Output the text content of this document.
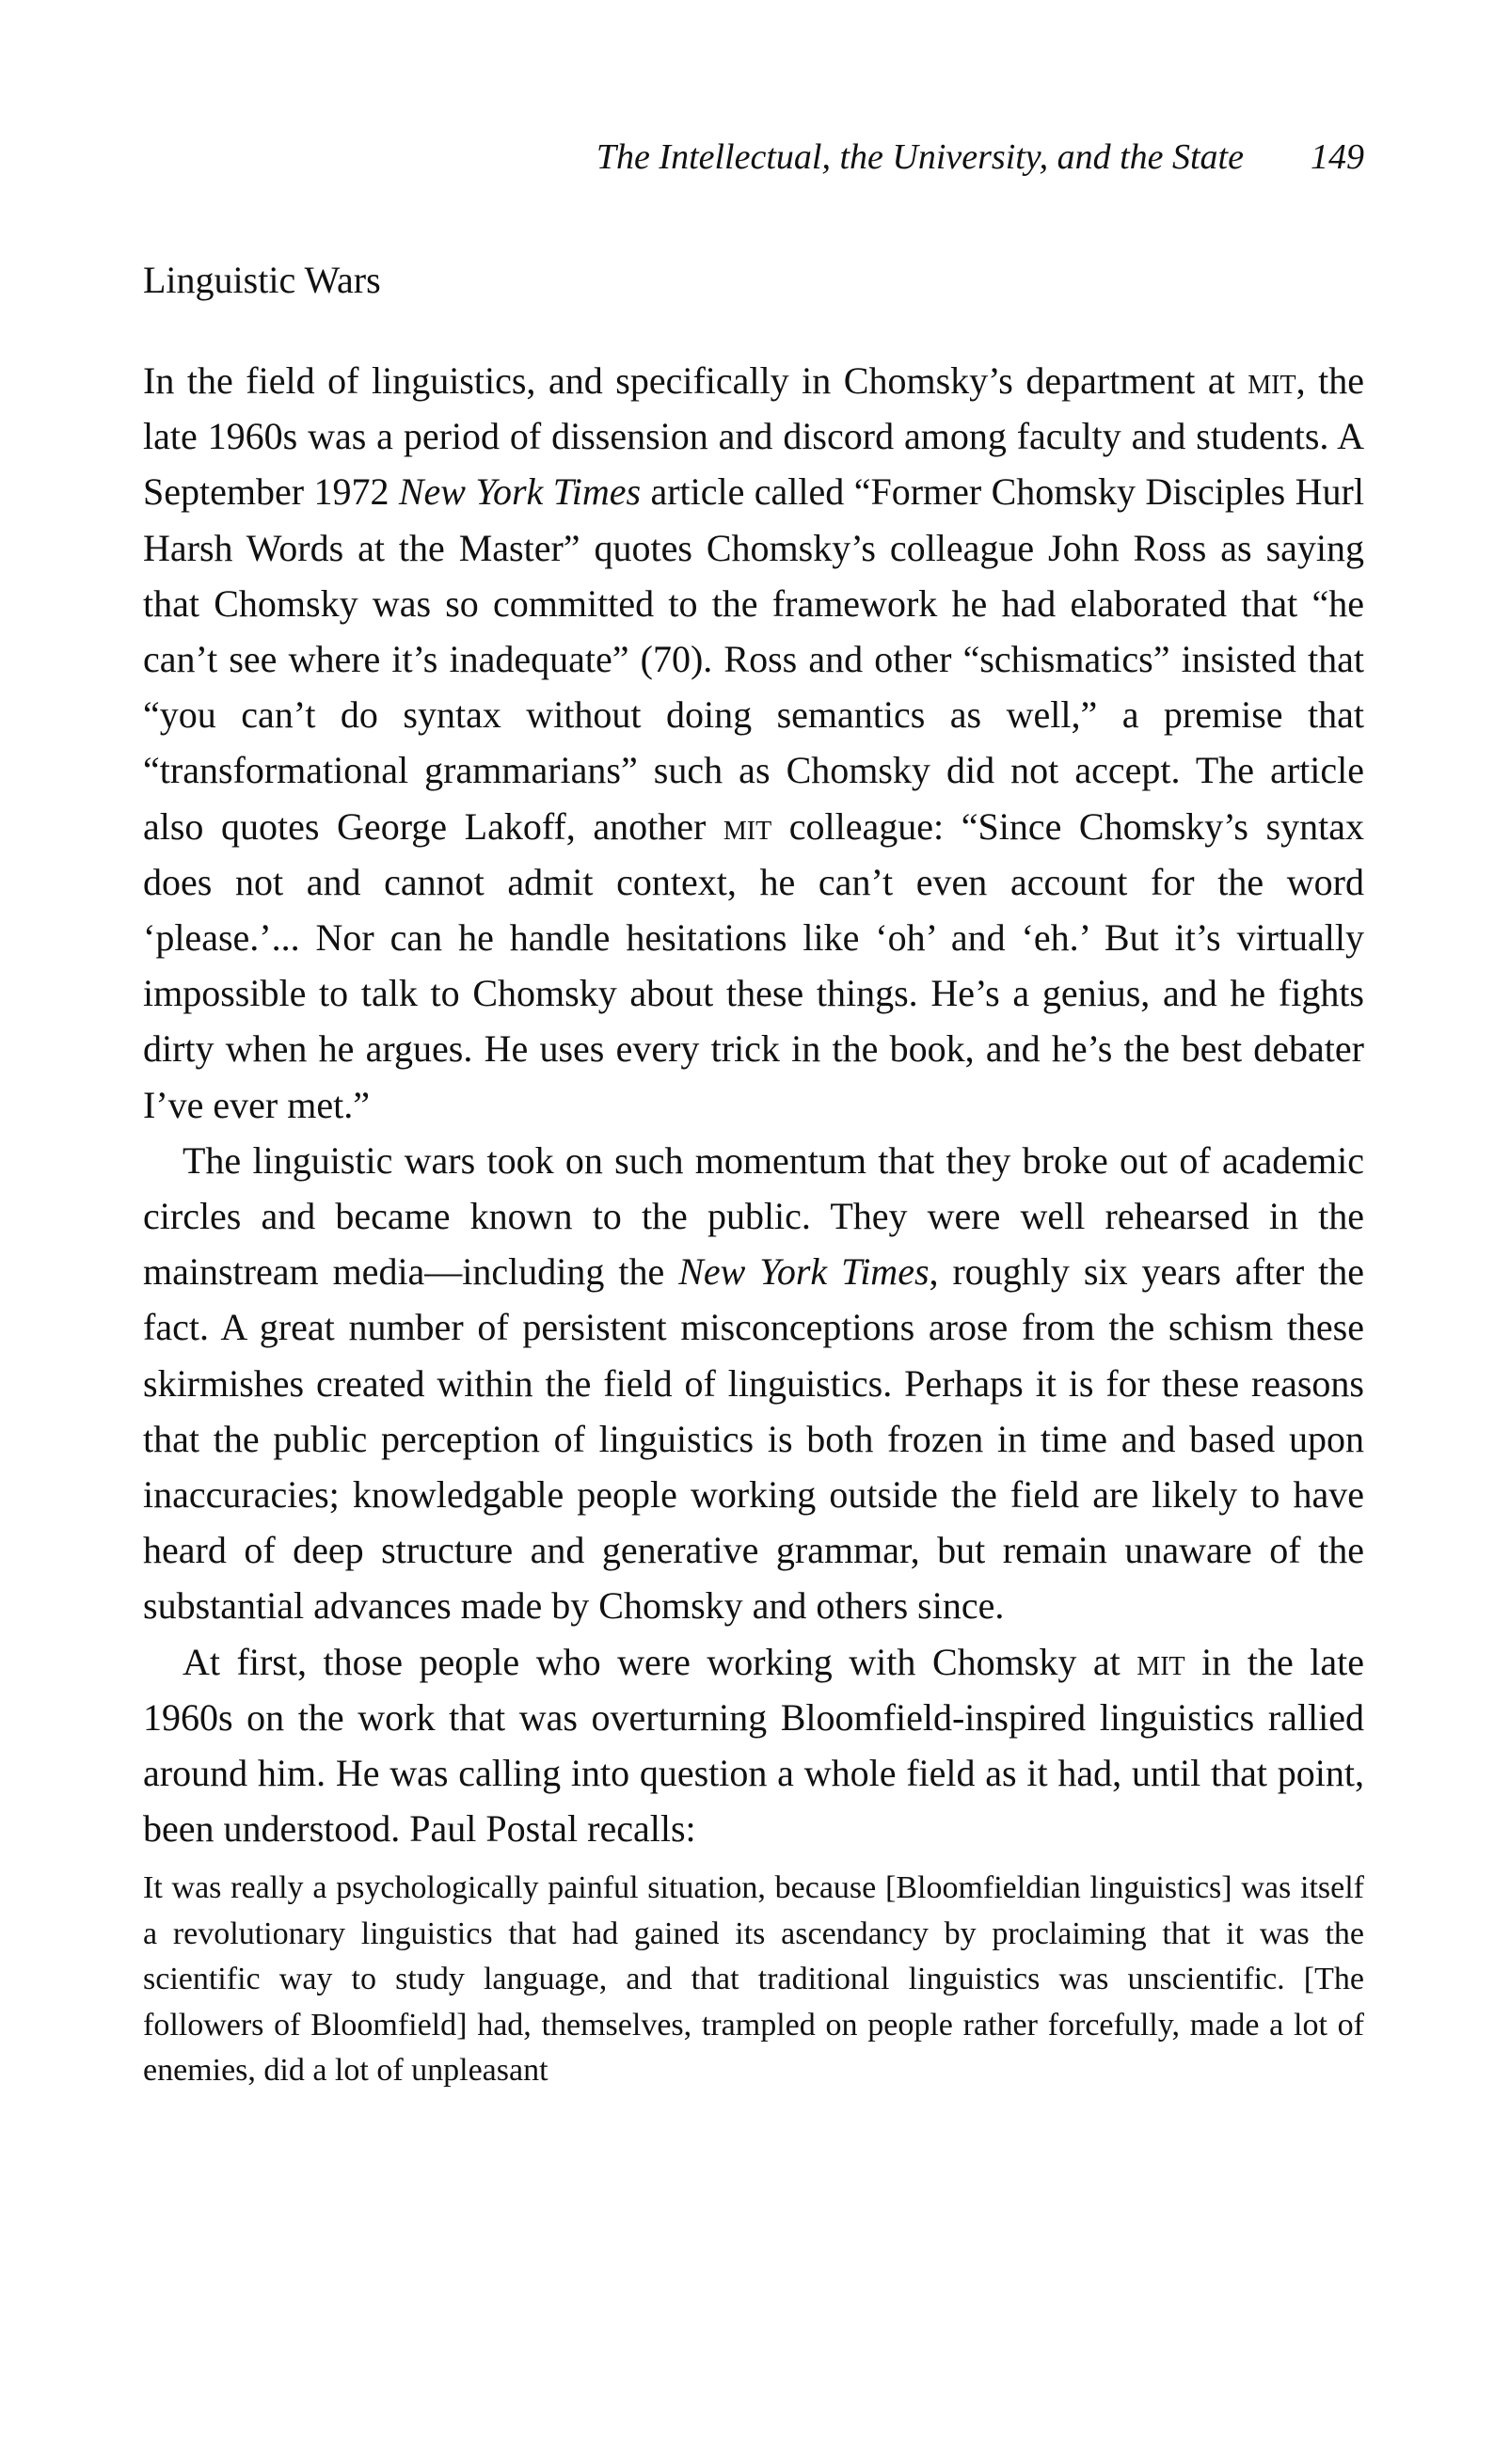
The Intellectual, the University, and the State 149
Linguistic Wars

In the field of linguistics, and specifically in Chomsky’s department at mit, the late 1960s was a period of dissension and discord among faculty and students. A September 1972 New York Times article called “Former Chomsky Disciples Hurl Harsh Words at the Master” quotes Chomsky’s colleague John Ross as saying that Chomsky was so committed to the framework he had elaborated that “he can’t see where it’s inadequate” (70). Ross and other “schismatics” insisted that “you can’t do syntax without doing semantics as well,” a premise that “transformational grammarians” such as Chomsky did not accept. The article also quotes George Lakoff, another mit colleague: “Since Chomsky’s syntax does not and cannot admit context, he can’t even account for the word ‘please.’... Nor can he handle hesitations like ‘oh’ and ‘eh.’ But it’s virtually impossible to talk to Chomsky about these things. He’s a genius, and he fights dirty when he argues. He uses every trick in the book, and he’s the best debater I’ve ever met.”

The linguistic wars took on such momentum that they broke out of academic circles and became known to the public. They were well rehearsed in the mainstream media—including the New York Times, roughly six years after the fact. A great number of persistent misconceptions arose from the schism these skirmishes created within the field of linguistics. Perhaps it is for these reasons that the public perception of linguistics is both frozen in time and based upon inaccuracies; knowledgable people working outside the field are likely to have heard of deep structure and generative grammar, but remain unaware of the substantial advances made by Chomsky and others since.

At first, those people who were working with Chomsky at mit in the late 1960s on the work that was overturning Bloomfield-inspired linguistics rallied around him. He was calling into question a whole field as it had, until that point, been understood. Paul Postal recalls:

It was really a psychologically painful situation, because [Bloomfieldian linguistics] was itself a revolutionary linguistics that had gained its ascendancy by proclaiming that it was the scientific way to study language, and that traditional linguistics was unscientific. [The followers of Bloomfield] had, themselves, trampled on people rather forcefully, made a lot of enemies, did a lot of unpleasant
